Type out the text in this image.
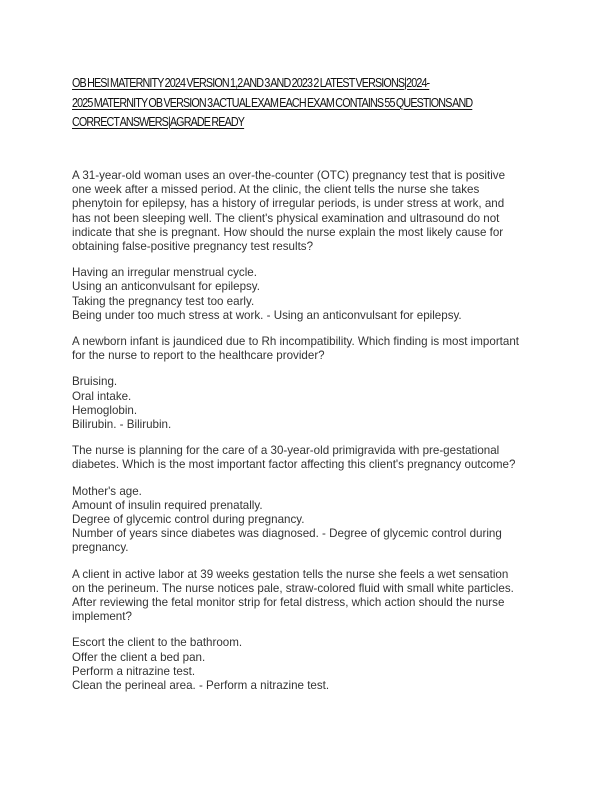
OB HESI MATERNITY 2024 VERSION 1,2 AND 3 AND 2023 2 LATEST VERSIONS|2024-
2025 MATERNITY OB VERSION 3 ACTUAL EXAM EACH EXAM CONTAINS 55 QUESTIONS AND
CORRECT ANSWERS|AGRADE READY
A 31-year-old woman uses an over-the-counter (OTC) pregnancy test that is positive
one week after a missed period. At the clinic, the client tells the nurse she takes
phenytoin for epilepsy, has a history of irregular periods, is under stress at work, and
has not been sleeping well. The client's physical examination and ultrasound do not
indicate that she is pregnant. How should the nurse explain the most likely cause for
obtaining false-positive pregnancy test results?
Having an irregular menstrual cycle.
Using an anticonvulsant for epilepsy.
Taking the pregnancy test too early.
Being under too much stress at work. - Using an anticonvulsant for epilepsy.
A newborn infant is jaundiced due to Rh incompatibility. Which finding is most important
for the nurse to report to the healthcare provider?
Bruising.
Oral intake.
Hemoglobin.
Bilirubin. - Bilirubin.
The nurse is planning for the care of a 30-year-old primigravida with pre-gestational
diabetes. Which is the most important factor affecting this client's pregnancy outcome?
Mother's age.
Amount of insulin required prenatally.
Degree of glycemic control during pregnancy.
Number of years since diabetes was diagnosed. - Degree of glycemic control during
pregnancy.
A client in active labor at 39 weeks gestation tells the nurse she feels a wet sensation
on the perineum. The nurse notices pale, straw-colored fluid with small white particles.
After reviewing the fetal monitor strip for fetal distress, which action should the nurse
implement?
Escort the client to the bathroom.
Offer the client a bed pan.
Perform a nitrazine test.
Clean the perineal area. - Perform a nitrazine test.
